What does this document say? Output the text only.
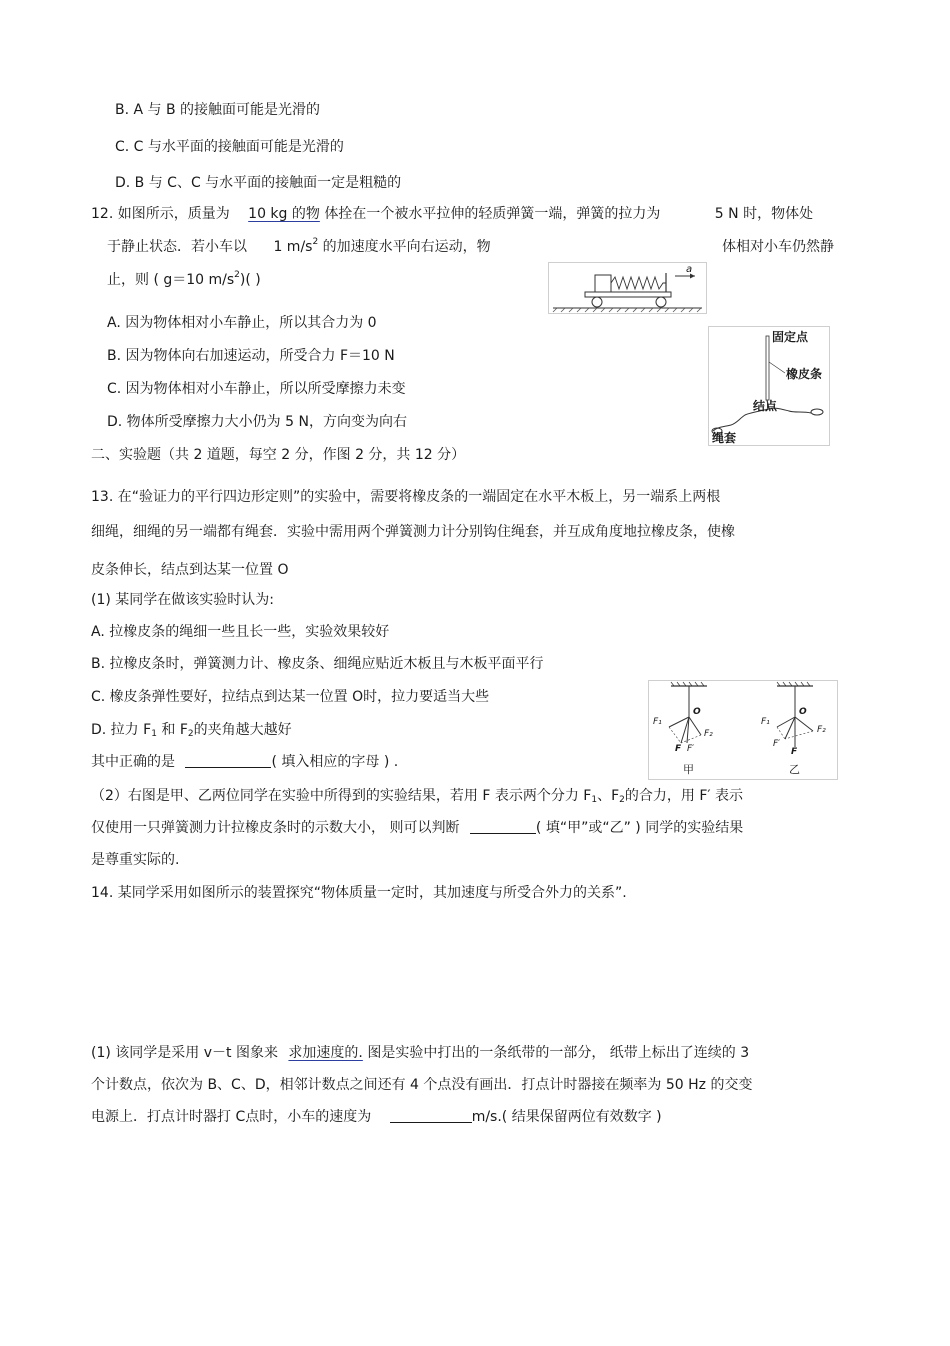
B. A 与 B 的接触面可能是光滑的
C. C 与水平面的接触面可能是光滑的
D. B 与 C、C 与水平面的接触面一定是粗糙的
12. 如图所示，质量为 10 kg 的物 体拴在一个被水平拉伸的轻质弹簧一端，弹簧的拉力为	5 N 时，物体处
于静止状态．若小车以 1 $m/s^2$ 的加速度水平向右运动，物	体相对小车仍然静
止，则 ( g＝10 $m/s^2$)( )
a
A. 因为物体相对小车静止，所以其合力为 0
B. 因为物体向右加速运动，所受合力 F＝10 N
C. 因为物体相对小车静止，所以所受摩擦力未变
D. 物体所受摩擦力大小仍为 5 N，方向变为向右
固定点
橡皮条
结点
绳套
二、实验题（共 2 道题，每空 2 分，作图 2 分，共 12 分）
13. 在“验证力的平行四边形定则”的实验中，需要将橡皮条的一端固定在水平木板上，另一端系上两根
细绳，细绳的另一端都有绳套．实验中需用两个弹簧测力计分别钩住绳套，并互成角度地拉橡皮条，使橡
皮条伸长，结点到达某一位置 O
(1) 某同学在做该实验时认为:
A. 拉橡皮条的绳细一些且长一些，实验效果较好
B. 拉橡皮条时，弹簧测力计、橡皮条、细绳应贴近木板且与木板平面平行
C. 橡皮条弹性要好，拉结点到达某一位置 O时，拉力要适当大些
D. 拉力 $F_1$ 和 $F_2$的夹角越大越好
其中正确的是	( 填入相应的字母 ) .
O
F₁
F₂
F F′
甲
O
F₁
F₂
F′
F
乙
（2）右图是甲、乙两位同学在实验中所得到的实验结果，若用 F 表示两个分力 $F_1$、$F_2$的合力，用 F′ 表示
仅使用一只弹簧测力计拉橡皮条时的示数大小， 则可以判断	( 填“甲”或“乙” ) 同学的实验结果
是尊重实际的.
14. 某同学采用如图所示的装置探究“物体质量一定时，其加速度与所受合外力的关系”.
(1) 该同学是采用 v－t 图象来 求加速度的. 图是实验中打出的一条纸带的一部分， 纸带上标出了连续的 3
个计数点，依次为 B、C、D，相邻计数点之间还有 4 个点没有画出．打点计时器接在频率为 50 Hz 的交变
电源上．打点计时器打 C点时，小车的速度为	m/s.( 结果保留两位有效数字 )
